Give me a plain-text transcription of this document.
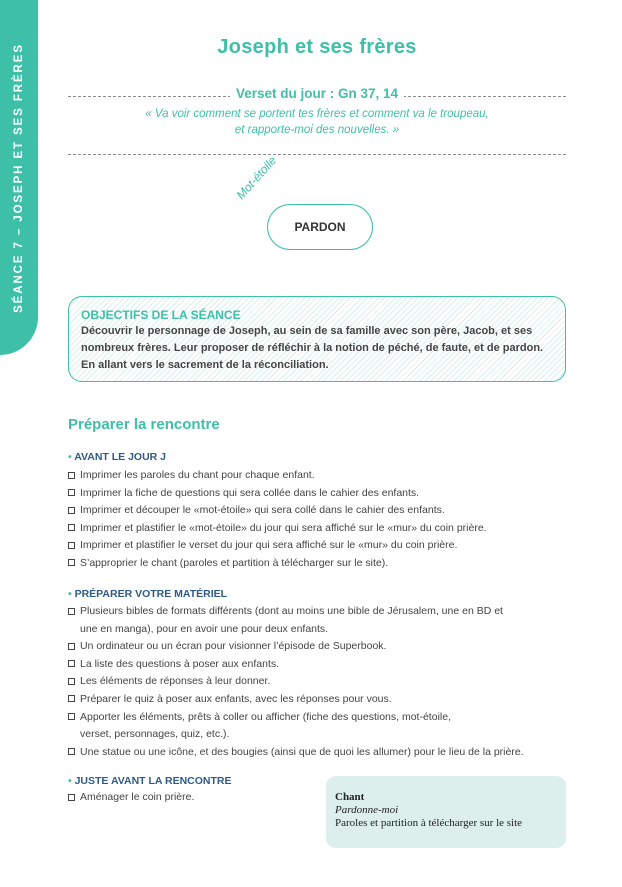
SÉANCE 7 – JOSEPH ET SES FRÈRES	Joseph et ses frères
Verset du jour : Gn 37, 14
« Va voir comment se portent tes frères et comment va le troupeau,
et rapporte-moi des nouvelles. »
Mot-étoile
PARDON
OBJECTIFS DE LA SÉANCE
Découvrir le personnage de Joseph, au sein de sa famille avec son père, Jacob, et ses nombreux frères. Leur proposer de réfléchir à la notion de péché, de faute, et de pardon. En allant vers le sacrement de la réconciliation.
Préparer la rencontre
• AVANT LE JOUR J
Imprimer les paroles du chant pour chaque enfant.
Imprimer la fiche de questions qui sera collée dans le cahier des enfants.
Imprimer et découper le «mot-étoile» qui sera collé dans le cahier des enfants.
Imprimer et plastifier le «mot-étoile» du jour qui sera affiché sur le «mur» du coin prière.
Imprimer et plastifier le verset du jour qui sera affiché sur le «mur» du coin prière.
S’approprier le chant (paroles et partition à télécharger sur le site).
• PRÉPARER VOTRE MATÉRIEL
Plusieurs bibles de formats différents (dont au moins une bible de Jérusalem, une en BD et une en manga), pour en avoir une pour deux enfants.
Un ordinateur ou un écran pour visionner l’épisode de Superbook.
La liste des questions à poser aux enfants.
Les éléments de réponses à leur donner.
Préparer le quiz à poser aux enfants, avec les réponses pour vous.
Apporter les éléments, prêts à coller ou afficher (fiche des questions, mot-étoile, verset, personnages, quiz, etc.).
Une statue ou une icône, et des bougies (ainsi que de quoi les allumer) pour le lieu de la prière.
• JUSTE AVANT LA RENCONTRE
Aménager le coin prière.	Chant
Pardonne-moi
Paroles et partition à télécharger sur le site
